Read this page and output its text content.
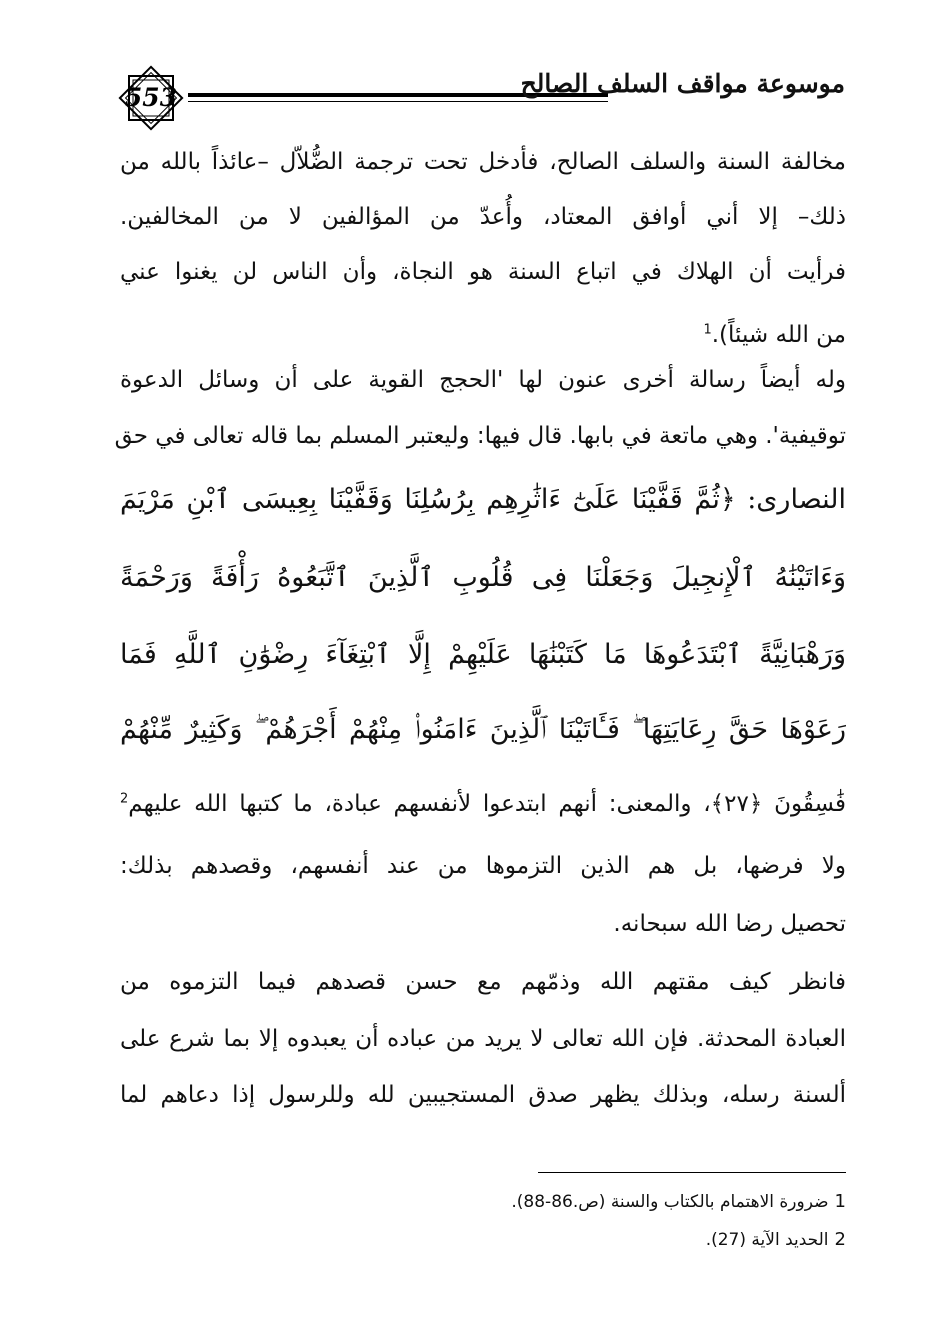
553	موسوعة مواقف السلف الصالح
مخالفة السنة والسلف الصالح، فأدخل تحت ترجمة الضُّلاّل –عائذاً بالله من
ذلك– إلا أني أوافق المعتاد، وأُعدّ من المؤالفين لا من المخالفين.
فرأيت أن الهلاك في اتباع السنة هو النجاة، وأن الناس لن يغنوا عني
من الله شيئاً).$^1$
وله أيضاً رسالة أخرى عنون لها 'الحجج القوية على أن وسائل الدعوة
توقيفية'. وهي ماتعة في بابها. قال فيها: وليعتبر المسلم بما قاله تعالى في حق
النصارى: ﴿ثُمَّ قَفَّيْنَا عَلَىٰٓ ءَاثَٰرِهِم بِرُسُلِنَا وَقَفَّيْنَا بِعِيسَى ٱبْنِ مَرْيَمَ
وَءَاتَيْنَٰهُ ٱلْإِنجِيلَ وَجَعَلْنَا فِى قُلُوبِ ٱلَّذِينَ ٱتَّبَعُوهُ رَأْفَةً وَرَحْمَةً
وَرَهْبَانِيَّةً ٱبْتَدَعُوهَا مَا كَتَبْنَٰهَا عَلَيْهِمْ إِلَّا ٱبْتِغَآءَ رِضْوَٰنِ ٱللَّهِ فَمَا
رَعَوْهَا حَقَّ رِعَايَتِهَا ۖ فَـَٔاتَيْنَا ٱلَّذِينَ ءَامَنُوا۟ مِنْهُمْ أَجْرَهُمْ ۖ وَكَثِيرٌ مِّنْهُمْ
فَٰسِقُونَ ﴿٢٧﴾، والمعنى: أنهم ابتدعوا لأنفسهم عبادة، ما كتبها الله عليهم$^2$
ولا فرضها، بل هم الذين التزموها من عند أنفسهم، وقصدهم بذلك:
تحصيل رضا الله سبحانه.
فانظر كيف مقتهم الله وذمّهم مع حسن قصدهم فيما التزموه من
العبادة المحدثة. فإن الله تعالى لا يريد من عباده أن يعبدوه إلا بما شرع على
ألسنة رسله، وبذلك يظهر صدق المستجيبين لله وللرسول إذا دعاهم لما
1ضرورة الاهتمام بالكتاب والسنة (ص.86-88).
2الحديد الآية (27).
